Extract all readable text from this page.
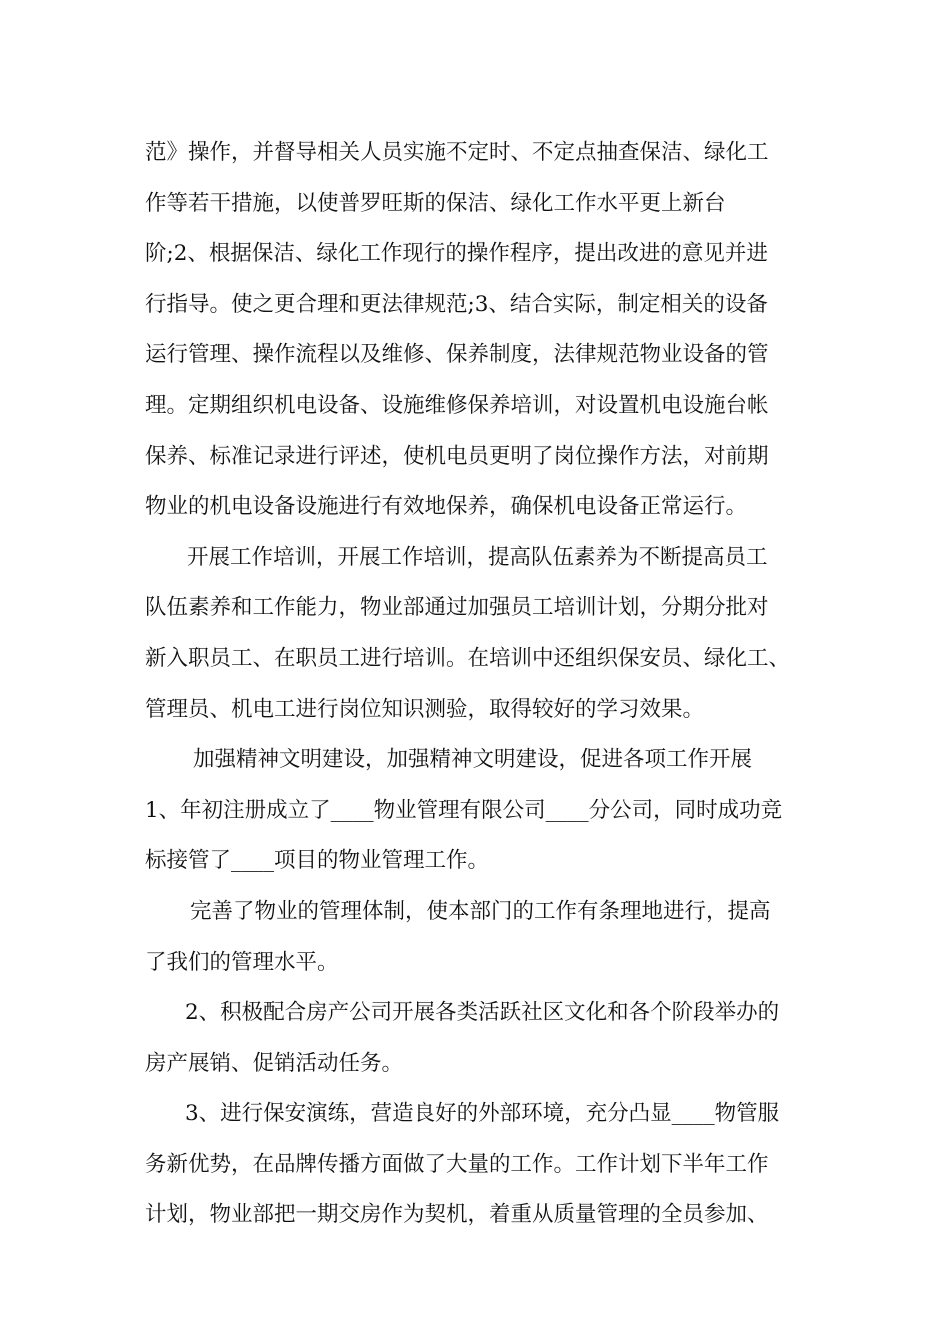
范》操作，并督导相关人员实施不定时、不定点抽查保洁、绿化工
作等若干措施，以使普罗旺斯的保洁、绿化工作水平更上新台
阶;2、根据保洁、绿化工作现行的操作程序，提出改进的意见并进
行指导。使之更合理和更法律规范;3、结合实际，制定相关的设备
运行管理、操作流程以及维修、保养制度，法律规范物业设备的管
理。定期组织机电设备、设施维修保养培训，对设置机电设施台帐
保养、标准记录进行评述，使机电员更明了岗位操作方法，对前期
物业的机电设备设施进行有效地保养，确保机电设备正常运行。
开展工作培训，开展工作培训，提高队伍素养为不断提高员工
队伍素养和工作能力，物业部通过加强员工培训计划，分期分批对
新入职员工、在职员工进行培训。在培训中还组织保安员、绿化工、
管理员、机电工进行岗位知识测验，取得较好的学习效果。
加强精神文明建设，加强精神文明建设，促进各项工作开展
1、年初注册成立了____物业管理有限公司____分公司，同时成功竞
标接管了____项目的物业管理工作。
完善了物业的管理体制，使本部门的工作有条理地进行，提高
了我们的管理水平。
2、积极配合房产公司开展各类活跃社区文化和各个阶段举办的
房产展销、促销活动任务。
3、进行保安演练，营造良好的外部环境，充分凸显____物管服
务新优势，在品牌传播方面做了大量的工作。工作计划下半年工作
计划，物业部把一期交房作为契机，着重从质量管理的全员参加、
